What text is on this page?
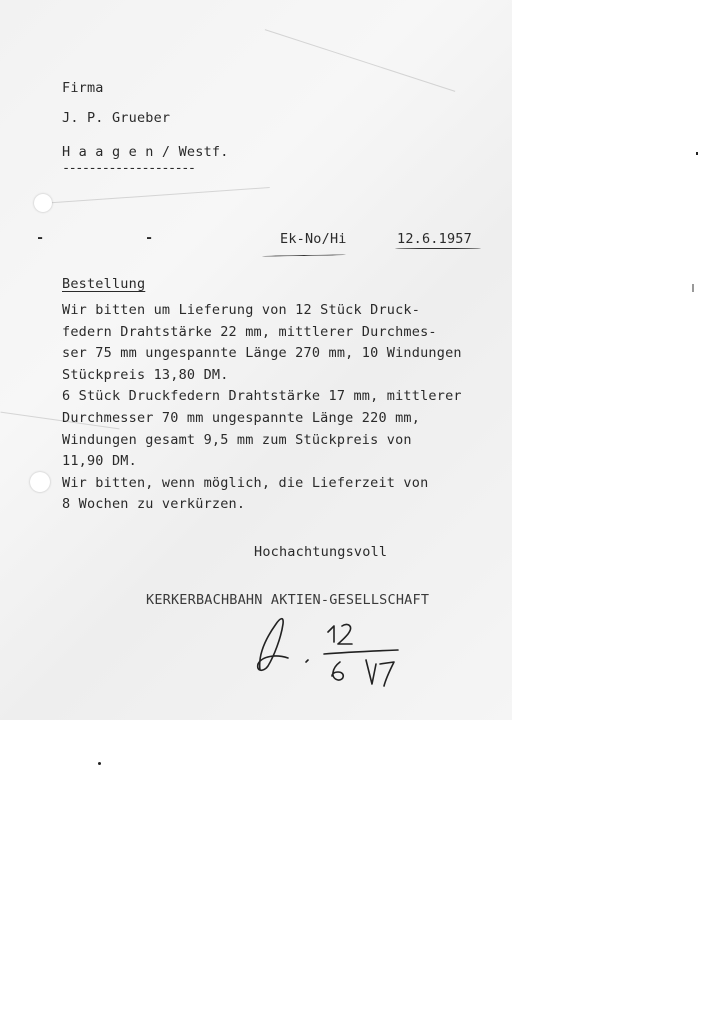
Firma

J. P. Grueber

H a a g e n / Westf.

--------------------

-	-	Ek-No/Hi	12.6.1957

Bestellung

Wir bitten um Lieferung von 12 Stück Druck-
federn Drahtstärke 22 mm, mittlerer Durchmes-
ser 75 mm ungespannte Länge 270 mm, 10 Windungen
Stückpreis 13,80 DM.
6 Stück Druckfedern Drahtstärke 17 mm, mittlerer
Durchmesser 70 mm ungespannte Länge 220 mm,
Windungen gesamt 9,5 mm zum Stückpreis von
11,90 DM.
Wir bitten, wenn möglich, die Lieferzeit von
8 Wochen zu verkürzen.

Hochachtungsvoll

KERKERBACHBAHN AKTIEN-GESELLSCHAFT
